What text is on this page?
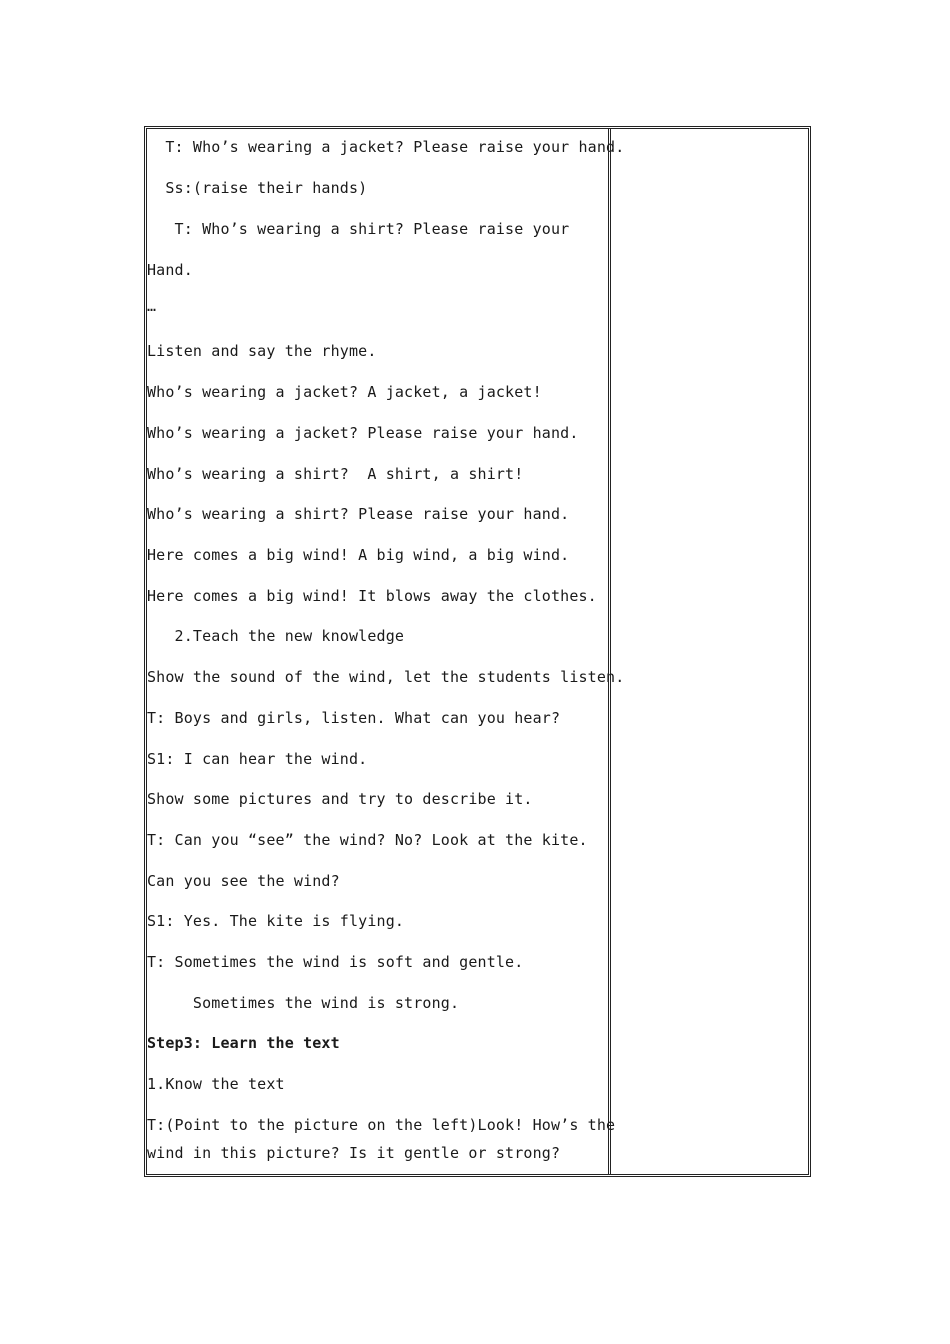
T: Who’s wearing a jacket? Please raise your hand.
Ss:(raise their hands)
T: Who’s wearing a shirt? Please raise your
Hand.
…
Listen and say the rhyme.
Who’s wearing a jacket? A jacket, a jacket!
Who’s wearing a jacket? Please raise your hand.
Who’s wearing a shirt?  A shirt, a shirt!
Who’s wearing a shirt? Please raise your hand.
Here comes a big wind! A big wind, a big wind.
Here comes a big wind! It blows away the clothes.
2.Teach the new knowledge
Show the sound of the wind, let the students listen.
T: Boys and girls, listen. What can you hear?
S1: I can hear the wind.
Show some pictures and try to describe it.
T: Can you “see” the wind? No? Look at the kite.
Can you see the wind?
S1: Yes. The kite is flying.
T: Sometimes the wind is soft and gentle.
Sometimes the wind is strong.
Step3: Learn the text
1.Know the text
T:(Point to the picture on the left)Look! How’s the
wind in this picture? Is it gentle or strong?
